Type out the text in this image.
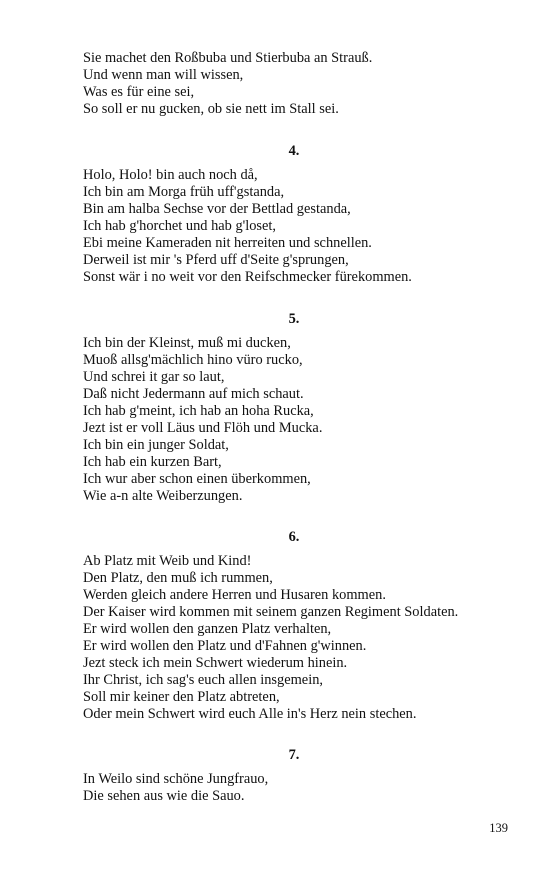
Sie machet den Roßbuba und Stierbuba an Strauß.
Und wenn man will wissen,
Was es für eine sei,
So soll er nu gucken, ob sie nett im Stall sei.
4.
Holo, Holo! bin auch noch då,
Ich bin am Morga früh uff'gstanda,
Bin am halba Sechse vor der Bettlad gestanda,
Ich hab g'horchet und hab g'loset,
Ebi meine Kameraden nit herreiten und schnellen.
Derweil ist mir 's Pferd uff d'Seite g'sprungen,
Sonst wär i no weit vor den Reifschmecker fürekommen.
5.
Ich bin der Kleinst, muß mi ducken,
Muoß allsg'mächlich hino vüro rucko,
Und schrei it gar so laut,
Daß nicht Jedermann auf mich schaut.
Ich hab g'meint, ich hab an hoha Rucka,
Jezt ist er voll Läus und Flöh und Mucka.
Ich bin ein junger Soldat,
Ich hab ein kurzen Bart,
Ich wur aber schon einen überkommen,
Wie a-n alte Weiberzungen.
6.
Ab Platz mit Weib und Kind!
Den Platz, den muß ich rummen,
Werden gleich andere Herren und Husaren kommen.
Der Kaiser wird kommen mit seinem ganzen Regiment Soldaten.
Er wird wollen den ganzen Platz verhalten,
Er wird wollen den Platz und d'Fahnen g'winnen.
Jezt steck ich mein Schwert wiederum hinein.
Ihr Christ, ich sag's euch allen insgemein,
Soll mir keiner den Platz abtreten,
Oder mein Schwert wird euch Alle in's Herz nein stechen.
7.
In Weilo sind schöne Jungfrauo,
Die sehen aus wie die Sauo.
139
